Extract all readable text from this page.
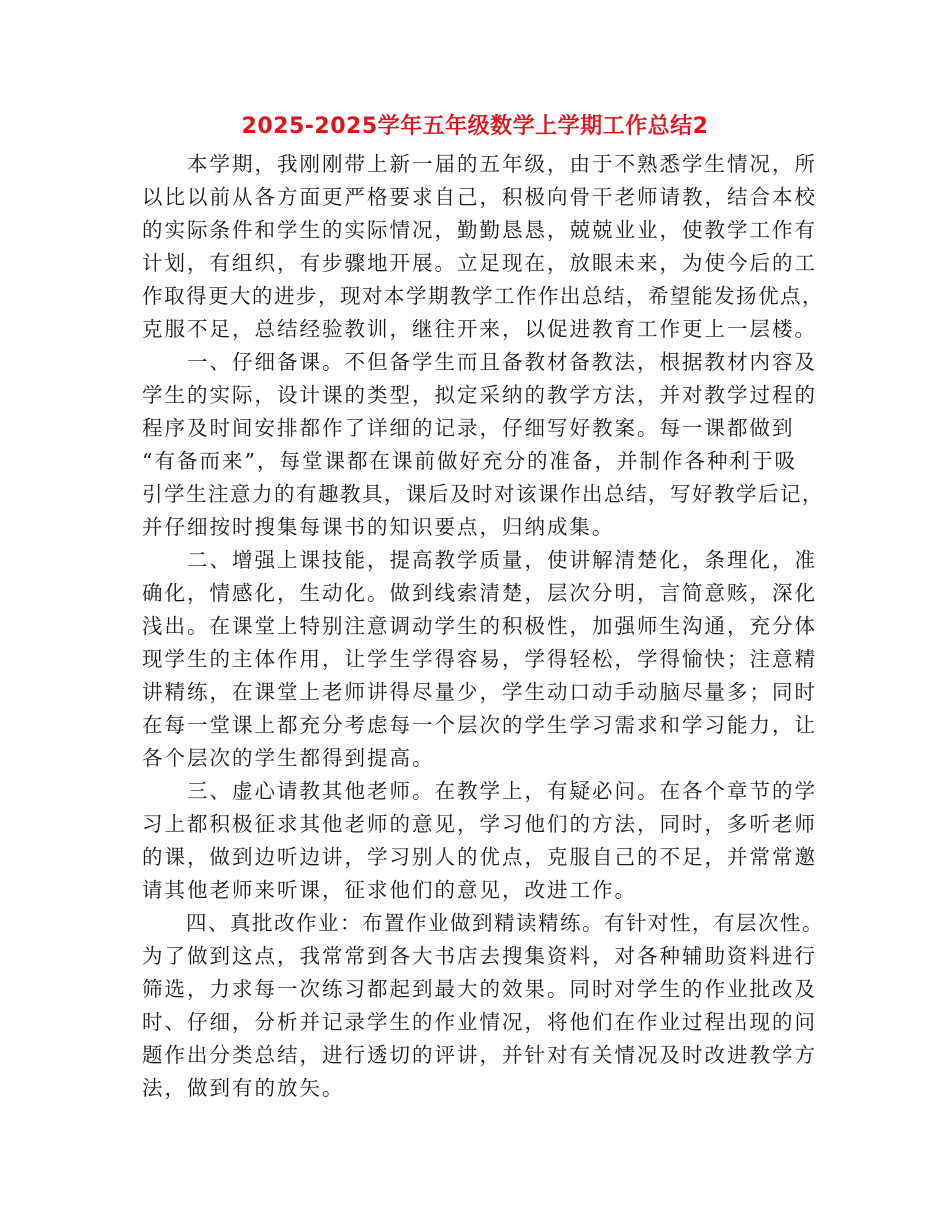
2025-2025学年五年级数学上学期工作总结2
　　本学期，我刚刚带上新一届的五年级，由于不熟悉学生情况，所
以比以前从各方面更严格要求自己，积极向骨干老师请教，结合本校
的实际条件和学生的实际情况，勤勤恳恳，兢兢业业，使教学工作有
计划，有组织，有步骤地开展。立足现在，放眼未来，为使今后的工
作取得更大的进步，现对本学期教学工作作出总结，希望能发扬优点，
克服不足，总结经验教训，继往开来，以促进教育工作更上一层楼。
　　一、仔细备课。不但备学生而且备教材备教法，根据教材内容及
学生的实际，设计课的类型，拟定采纳的教学方法，并对教学过程的
程序及时间安排都作了详细的记录，仔细写好教案。每一课都做到
“有备而来”，每堂课都在课前做好充分的准备，并制作各种利于吸
引学生注意力的有趣教具，课后及时对该课作出总结，写好教学后记，
并仔细按时搜集每课书的知识要点，归纳成集。
　　二、增强上课技能，提高教学质量，使讲解清楚化，条理化，准
确化，情感化，生动化。做到线索清楚，层次分明，言简意赅，深化
浅出。在课堂上特别注意调动学生的积极性，加强师生沟通，充分体
现学生的主体作用，让学生学得容易，学得轻松，学得愉快；注意精
讲精练，在课堂上老师讲得尽量少，学生动口动手动脑尽量多；同时
在每一堂课上都充分考虑每一个层次的学生学习需求和学习能力，让
各个层次的学生都得到提高。
　　三、虚心请教其他老师。在教学上，有疑必问。在各个章节的学
习上都积极征求其他老师的意见，学习他们的方法，同时，多听老师
的课，做到边听边讲，学习别人的优点，克服自己的不足，并常常邀
请其他老师来听课，征求他们的意见，改进工作。
　　四、真批改作业：布置作业做到精读精练。有针对性，有层次性。
为了做到这点，我常常到各大书店去搜集资料，对各种辅助资料进行
筛选，力求每一次练习都起到最大的效果。同时对学生的作业批改及
时、仔细，分析并记录学生的作业情况，将他们在作业过程出现的问
题作出分类总结，进行透切的评讲，并针对有关情况及时改进教学方
法，做到有的放矢。
